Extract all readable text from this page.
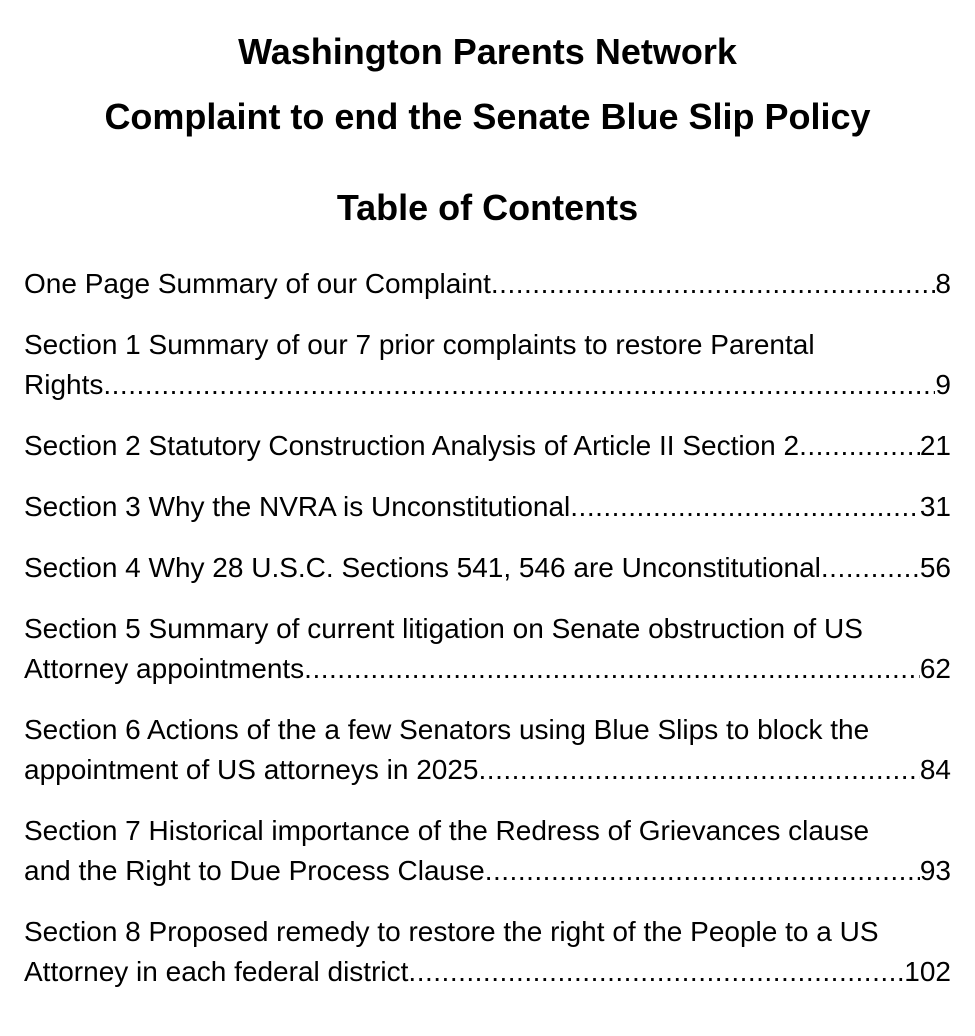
Washington Parents Network
Complaint to end the Senate Blue Slip Policy
Table of Contents
One Page Summary of our Complaint .....	8
Section 1 Summary of our 7 prior complaints to restore Parental
Rights .....	9
Section 2 Statutory Construction Analysis of Article II Section 2 .....	21
Section 3 Why the NVRA is Unconstitutional .....	31
Section 4 Why 28 U.S.C. Sections 541, 546 are Unconstitutional .....	56
Section 5 Summary of current litigation on Senate obstruction of US
Attorney appointments .....	62
Section 6 Actions of the a few Senators using Blue Slips to block the
appointment of US attorneys in 2025 .....	84
Section 7 Historical importance of the Redress of Grievances clause
and the Right to Due Process Clause .....	93
Section 8 Proposed remedy to restore the right of the People to a US
Attorney in each federal district .....	102
